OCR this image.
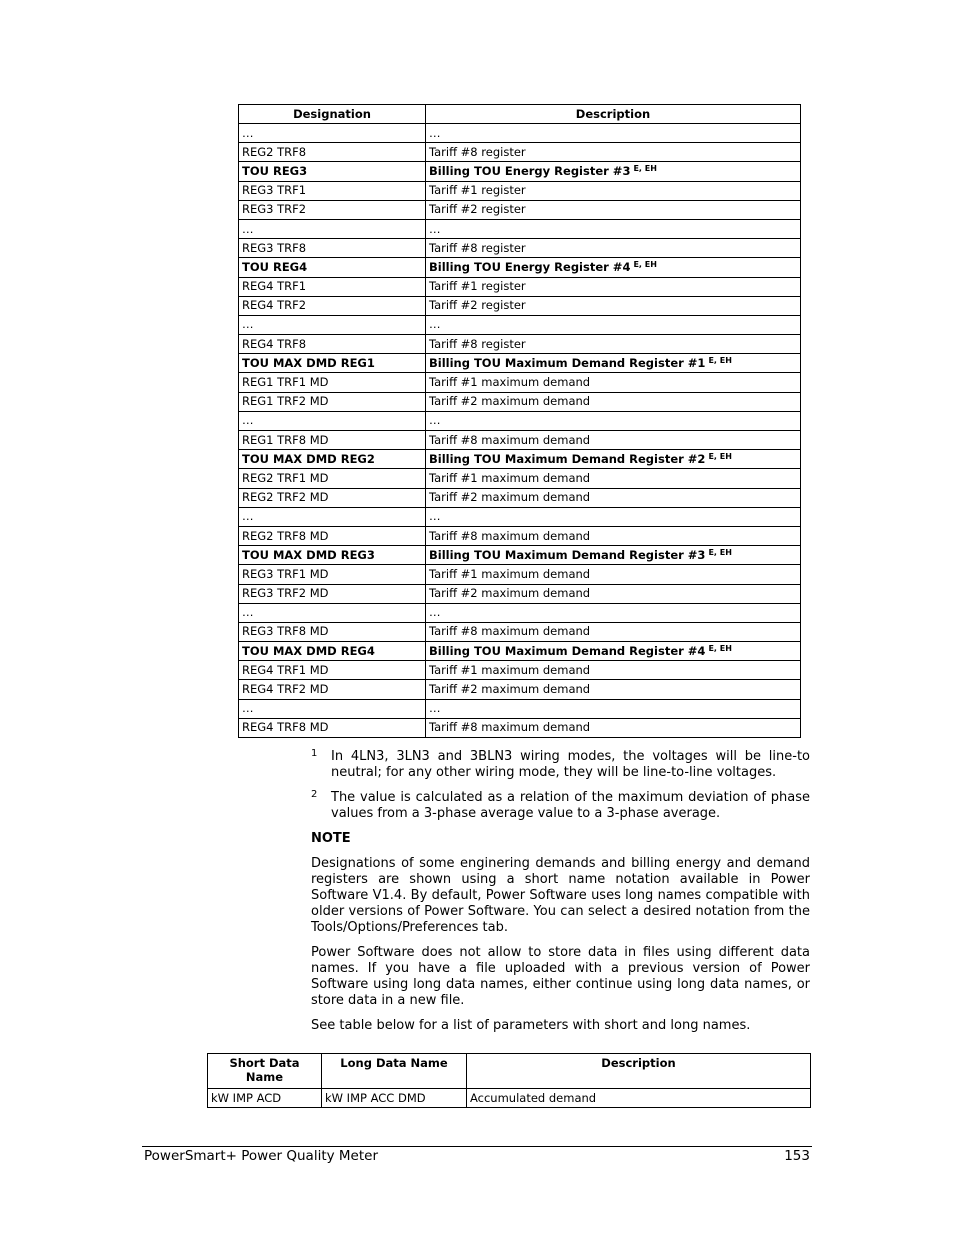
Designation	Description
…	…
REG2 TRF8	Tariff #8 register
TOU REG3	Billing TOU Energy Register #3 $^{E, EH}$
REG3 TRF1	Tariff #1 register
REG3 TRF2	Tariff #2 register
…	…
REG3 TRF8	Tariff #8 register
TOU REG4	Billing TOU Energy Register #4 $^{E, EH}$
REG4 TRF1	Tariff #1 register
REG4 TRF2	Tariff #2 register
…	…
REG4 TRF8	Tariff #8 register
TOU MAX DMD REG1	Billing TOU Maximum Demand Register #1 $^{E, EH}$
REG1 TRF1 MD	Tariff #1 maximum demand
REG1 TRF2 MD	Tariff #2 maximum demand
…	…
REG1 TRF8 MD	Tariff #8 maximum demand
TOU MAX DMD REG2	Billing TOU Maximum Demand Register #2 $^{E, EH}$
REG2 TRF1 MD	Tariff #1 maximum demand
REG2 TRF2 MD	Tariff #2 maximum demand
…	…
REG2 TRF8 MD	Tariff #8 maximum demand
TOU MAX DMD REG3	Billing TOU Maximum Demand Register #3 $^{E, EH}$
REG3 TRF1 MD	Tariff #1 maximum demand
REG3 TRF2 MD	Tariff #2 maximum demand
…	…
REG3 TRF8 MD	Tariff #8 maximum demand
TOU MAX DMD REG4	Billing TOU Maximum Demand Register #4 $^{E, EH}$
REG4 TRF1 MD	Tariff #1 maximum demand
REG4 TRF2 MD	Tariff #2 maximum demand
…	…
REG4 TRF8 MD	Tariff #8 maximum demand
1 In 4LN3, 3LN3 and 3BLN3 wiring modes, the voltages will be line-to neutral; for any other wiring mode, they will be line-to-line voltages.
2 The value is calculated as a relation of the maximum deviation of phase values from a 3-phase average value to a 3-phase average.
NOTE
Designations of some enginering demands and billing energy and demand registers are shown using a short name notation available in Power Software V1.4. By default, Power Software uses long names compatible with older versions of Power Software. You can select a desired notation from the Tools/Options/Preferences tab.
Power Software does not allow to store data in files using different data names. If you have a file uploaded with a previous version of Power Software using long data names, either continue using long data names, or store data in a new file.
See table below for a list of parameters with short and long names.
Short Data Name	Long Data Name	Description
kW IMP ACD	kW IMP ACC DMD	Accumulated demand
PowerSmart+ Power Quality Meter	153
